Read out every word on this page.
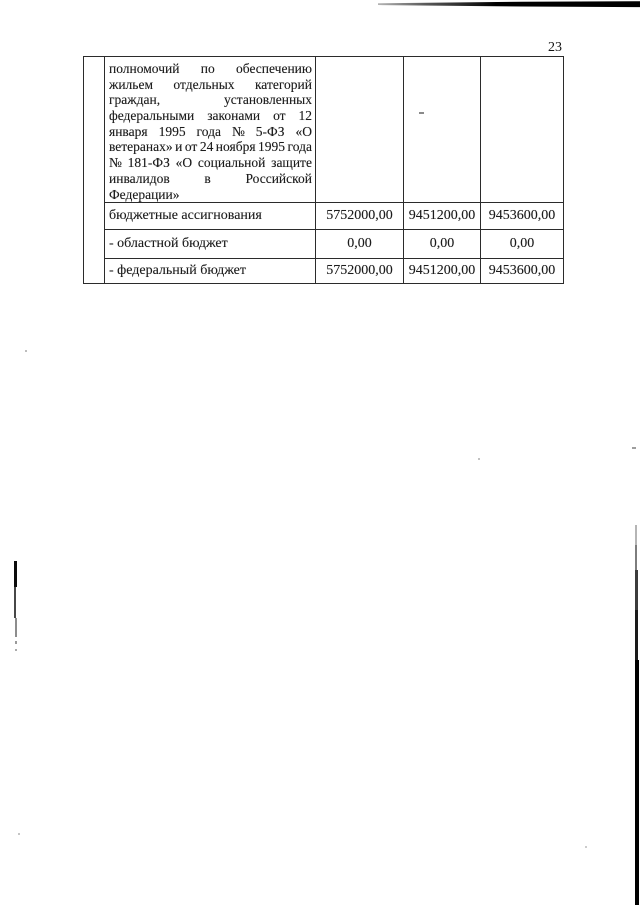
23

полномочий по обеспечению
жильем отдельных категорий
граждан,	установленных
федеральными законами от 12
января 1995 года № 5-ФЗ «О
ветеранах» и от 24 ноября 1995 года
№ 181-ФЗ «О социальной защите
инвалидов	в	Российской
Федерации»

	бюджетные ассигнования	5752000,00	9451200,00	9453600,00
	- областной бюджет	0,00	0,00	0,00
	- федеральный бюджет	5752000,00	9451200,00	9453600,00
